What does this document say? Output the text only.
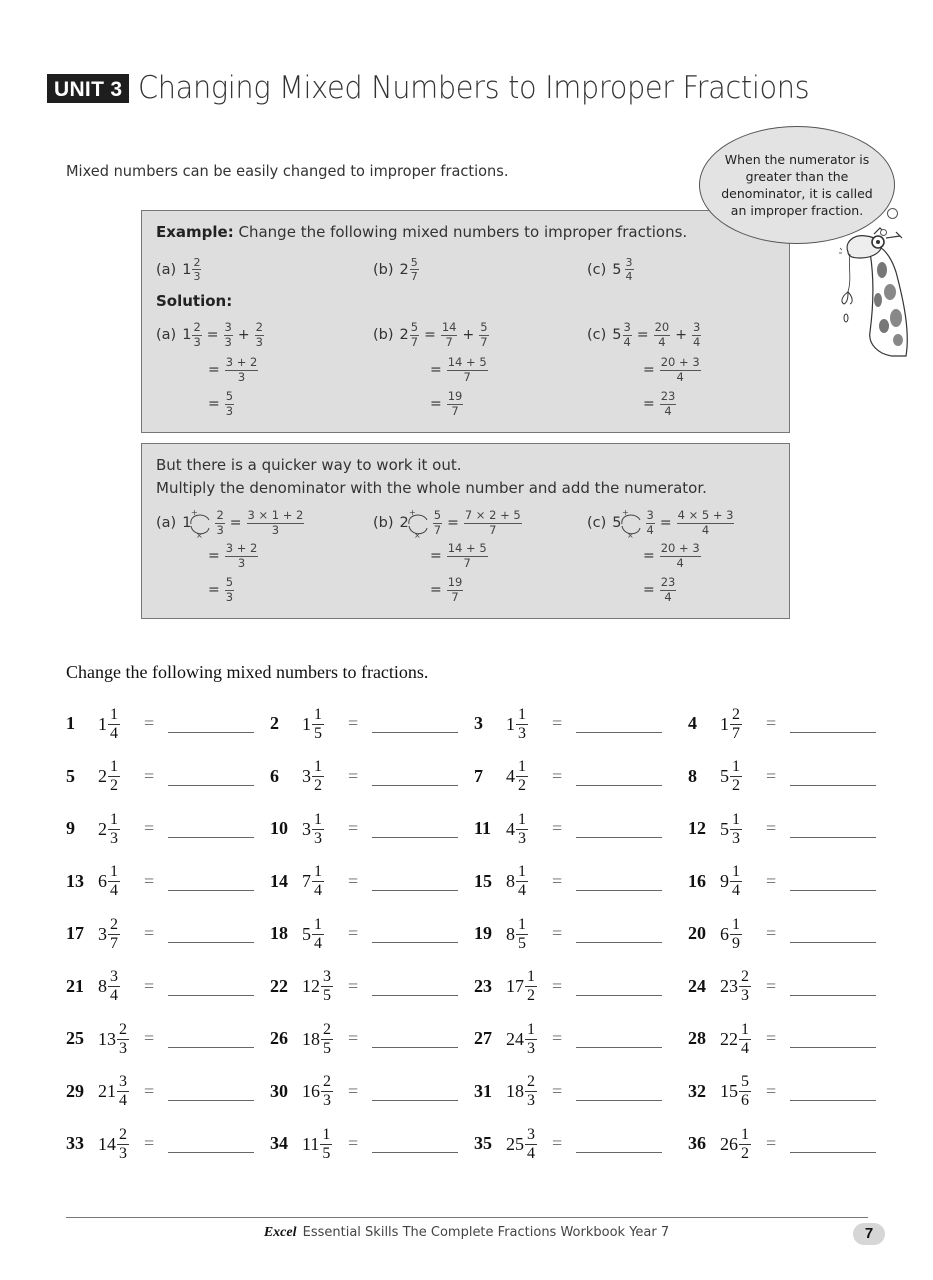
UNIT 3 Changing Mixed Numbers to Improper Fractions
Mixed numbers can be easily changed to improper fractions.
When the numerator is greater than the denominator, it is called an improper fraction.
Example: Change the following mixed numbers to improper fractions.
(a) $1 \frac{2}{3}$	(b) $2 \frac{5}{7}$	(c) $5 \frac{3}{4}$
Solution:
(a) $1 \frac{2}{3} = \frac{3}{3} + \frac{2}{3}$
= $\frac{3 + 2}{3}$
= $\frac{5}{3}$
(b) $2 \frac{5}{7} = \frac{14}{7} + \frac{5}{7}$
= $\frac{14 + 5}{7}$
= $\frac{19}{7}$
(c) $5 \frac{3}{4} = \frac{20}{4} + \frac{3}{4}$
= $\frac{20 + 3}{4}$
= $\frac{23}{4}$
But there is a quicker way to work it out.
Multiply the denominator with the whole number and add the numerator.
(a) 1
+
× $\frac{2}{3} = \frac{3 \times 1 + 2}{3}$
= $\frac{3 + 2}{3}$
= $\frac{5}{3}$
(b) 2
+
× $\frac{5}{7} = \frac{7 \times 2 + 5}{7}$
= $\frac{14 + 5}{7}$
= $\frac{19}{7}$
(c) 5
+
× $\frac{3}{4} = \frac{4 \times 5 + 3}{4}$
= $\frac{20 + 3}{4}$
= $\frac{23}{4}$
Change the following mixed numbers to fractions.
1 $1 \frac{1}{4}$ =	2 $1 \frac{1}{5}$ =	3 $1 \frac{1}{3}$ =	4 $1 \frac{2}{7}$ =
5 $2 \frac{1}{2}$ =	6 $3 \frac{1}{2}$ =	7 $4 \frac{1}{2}$ =	8 $5 \frac{1}{2}$ =
9 $2 \frac{1}{3}$ =	10 $3 \frac{1}{3}$ =	11 $4 \frac{1}{3}$ =	12 $5 \frac{1}{3}$ =
13 $6 \frac{1}{4}$ =	14 $7 \frac{1}{4}$ =	15 $8 \frac{1}{4}$ =	16 $9 \frac{1}{4}$ =
17 $3 \frac{2}{7}$ =	18 $5 \frac{1}{4}$ =	19 $8 \frac{1}{5}$ =	20 $6 \frac{1}{9}$ =
21 $8 \frac{3}{4}$ =	22 $12 \frac{3}{5}$ =	23 $17 \frac{1}{2}$ =	24 $23 \frac{2}{3}$ =
25 $13 \frac{2}{3}$ =	26 $18 \frac{2}{5}$ =	27 $24 \frac{1}{3}$ =	28 $22 \frac{1}{4}$ =
29 $21 \frac{3}{4}$ =	30 $16 \frac{2}{3}$ =	31 $18 \frac{2}{3}$ =	32 $15 \frac{5}{6}$ =
33 $14 \frac{2}{3}$ =	34 $11 \frac{1}{5}$ =	35 $25 \frac{3}{4}$ =	36 $26 \frac{1}{2}$ =
Excel Essential Skills The Complete Fractions Workbook Year 7	7
